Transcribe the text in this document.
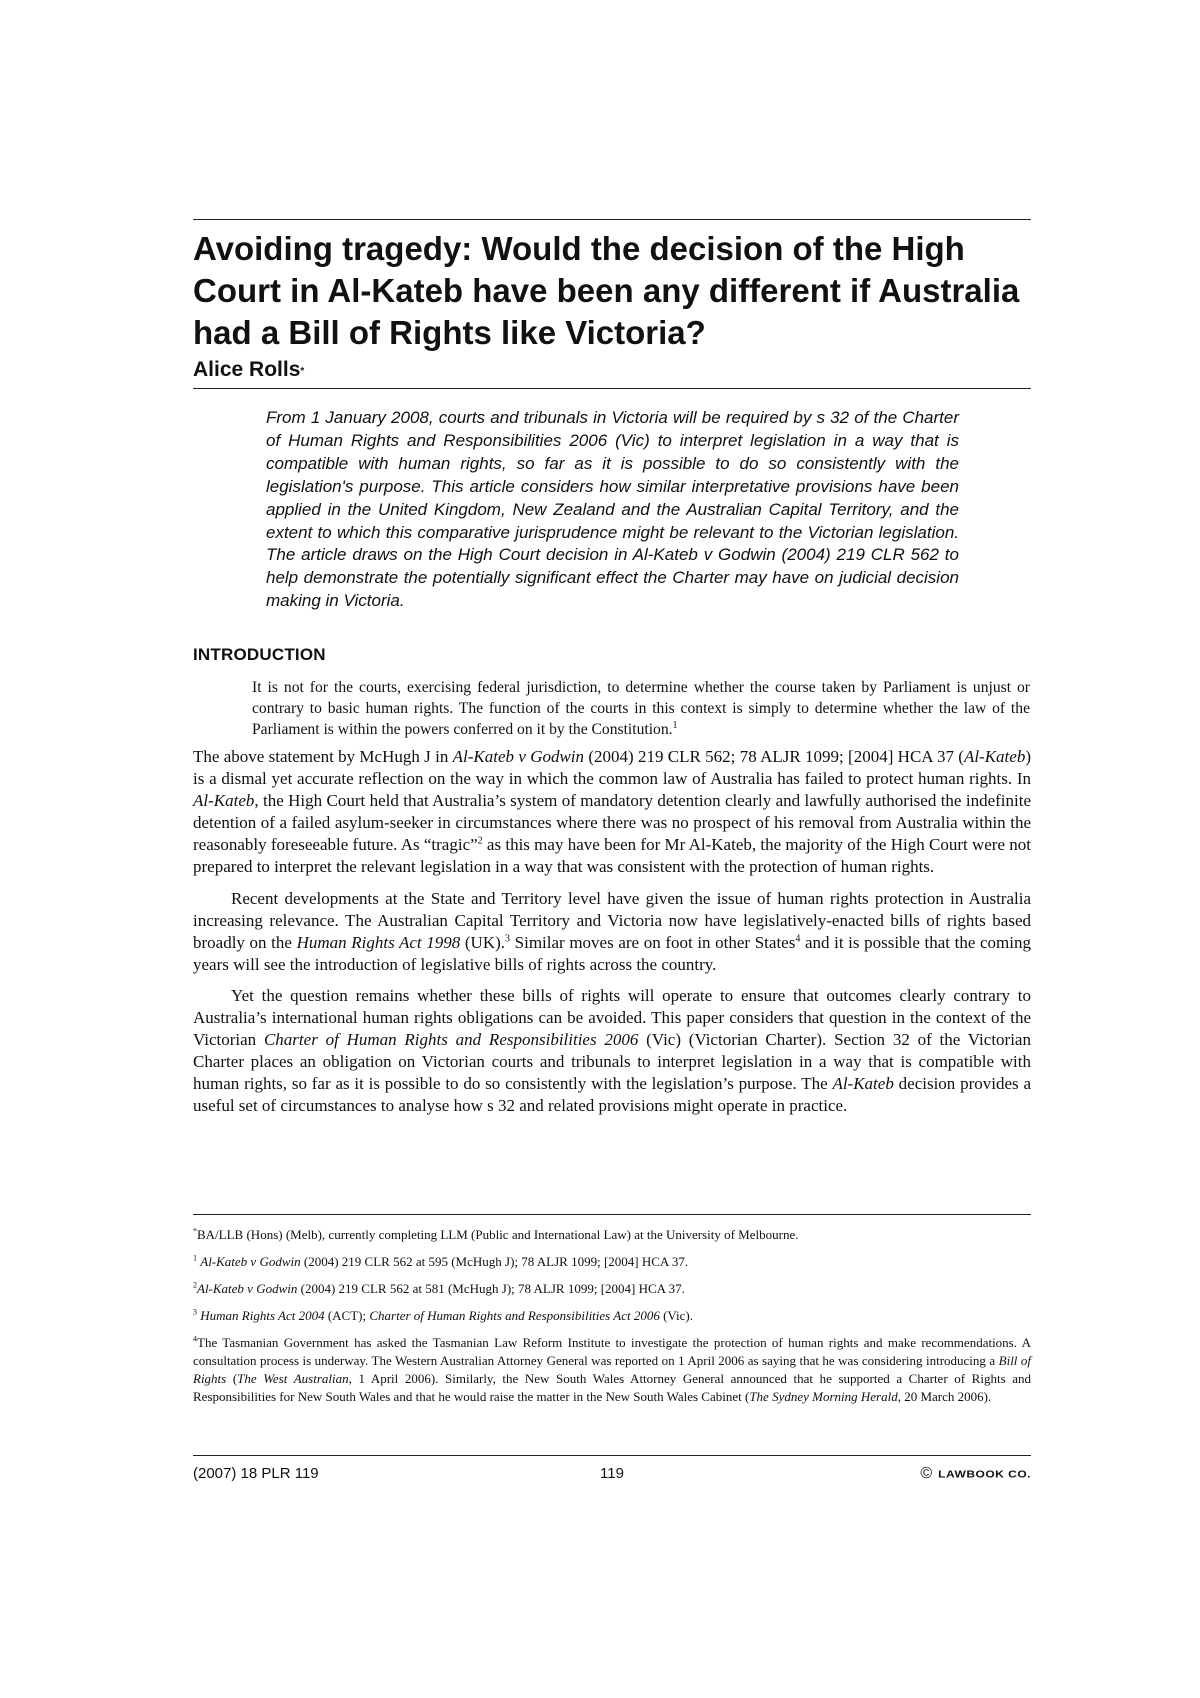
Avoiding tragedy: Would the decision of the High Court in Al-Kateb have been any different if Australia had a Bill of Rights like Victoria?
Alice Rolls*

From 1 January 2008, courts and tribunals in Victoria will be required by s 32 of the Charter of Human Rights and Responsibilities 2006 (Vic) to interpret legislation in a way that is compatible with human rights, so far as it is possible to do so consistently with the legislation's purpose. This article considers how similar interpretative provisions have been applied in the United Kingdom, New Zealand and the Australian Capital Territory, and the extent to which this comparative jurisprudence might be relevant to the Victorian legislation. The article draws on the High Court decision in Al-Kateb v Godwin (2004) 219 CLR 562 to help demonstrate the potentially significant effect the Charter may have on judicial decision making in Victoria.

INTRODUCTION

It is not for the courts, exercising federal jurisdiction, to determine whether the course taken by Parliament is unjust or contrary to basic human rights. The function of the courts in this context is simply to determine whether the law of the Parliament is within the powers conferred on it by the Constitution.$^1$

The above statement by McHugh J in Al-Kateb v Godwin (2004) 219 CLR 562; 78 ALJR 1099; [2004] HCA 37 (Al-Kateb) is a dismal yet accurate reflection on the way in which the common law of Australia has failed to protect human rights. In Al-Kateb, the High Court held that Australia’s system of mandatory detention clearly and lawfully authorised the indefinite detention of a failed asylum-seeker in circumstances where there was no prospect of his removal from Australia within the reasonably foreseeable future. As “tragic”$^2$ as this may have been for Mr Al-Kateb, the majority of the High Court were not prepared to interpret the relevant legislation in a way that was consistent with the protection of human rights.

Recent developments at the State and Territory level have given the issue of human rights protection in Australia increasing relevance. The Australian Capital Territory and Victoria now have legislatively-enacted bills of rights based broadly on the Human Rights Act 1998 (UK).$^3$ Similar moves are on foot in other States$^4$ and it is possible that the coming years will see the introduction of legislative bills of rights across the country.

Yet the question remains whether these bills of rights will operate to ensure that outcomes clearly contrary to Australia’s international human rights obligations can be avoided. This paper considers that question in the context of the Victorian Charter of Human Rights and Responsibilities 2006 (Vic) (Victorian Charter). Section 32 of the Victorian Charter places an obligation on Victorian courts and tribunals to interpret legislation in a way that is compatible with human rights, so far as it is possible to do so consistently with the legislation’s purpose. The Al-Kateb decision provides a useful set of circumstances to analyse how s 32 and related provisions might operate in practice.

*BA/LLB (Hons) (Melb), currently completing LLM (Public and International Law) at the University of Melbourne.

$^1$ Al-Kateb v Godwin (2004) 219 CLR 562 at 595 (McHugh J); 78 ALJR 1099; [2004] HCA 37.

$^2$Al-Kateb v Godwin (2004) 219 CLR 562 at 581 (McHugh J); 78 ALJR 1099; [2004] HCA 37.

$^3$ Human Rights Act 2004 (ACT); Charter of Human Rights and Responsibilities Act 2006 (Vic).

$^4$The Tasmanian Government has asked the Tasmanian Law Reform Institute to investigate the protection of human rights and make recommendations. A consultation process is underway. The Western Australian Attorney General was reported on 1 April 2006 as saying that he was considering introducing a Bill of Rights (The West Australian, 1 April 2006). Similarly, the New South Wales Attorney General announced that he supported a Charter of Rights and Responsibilities for New South Wales and that he would raise the matter in the New South Wales Cabinet (The Sydney Morning Herald, 20 March 2006).

(2007) 18 PLR 119	119	© LAWBOOK CO.
